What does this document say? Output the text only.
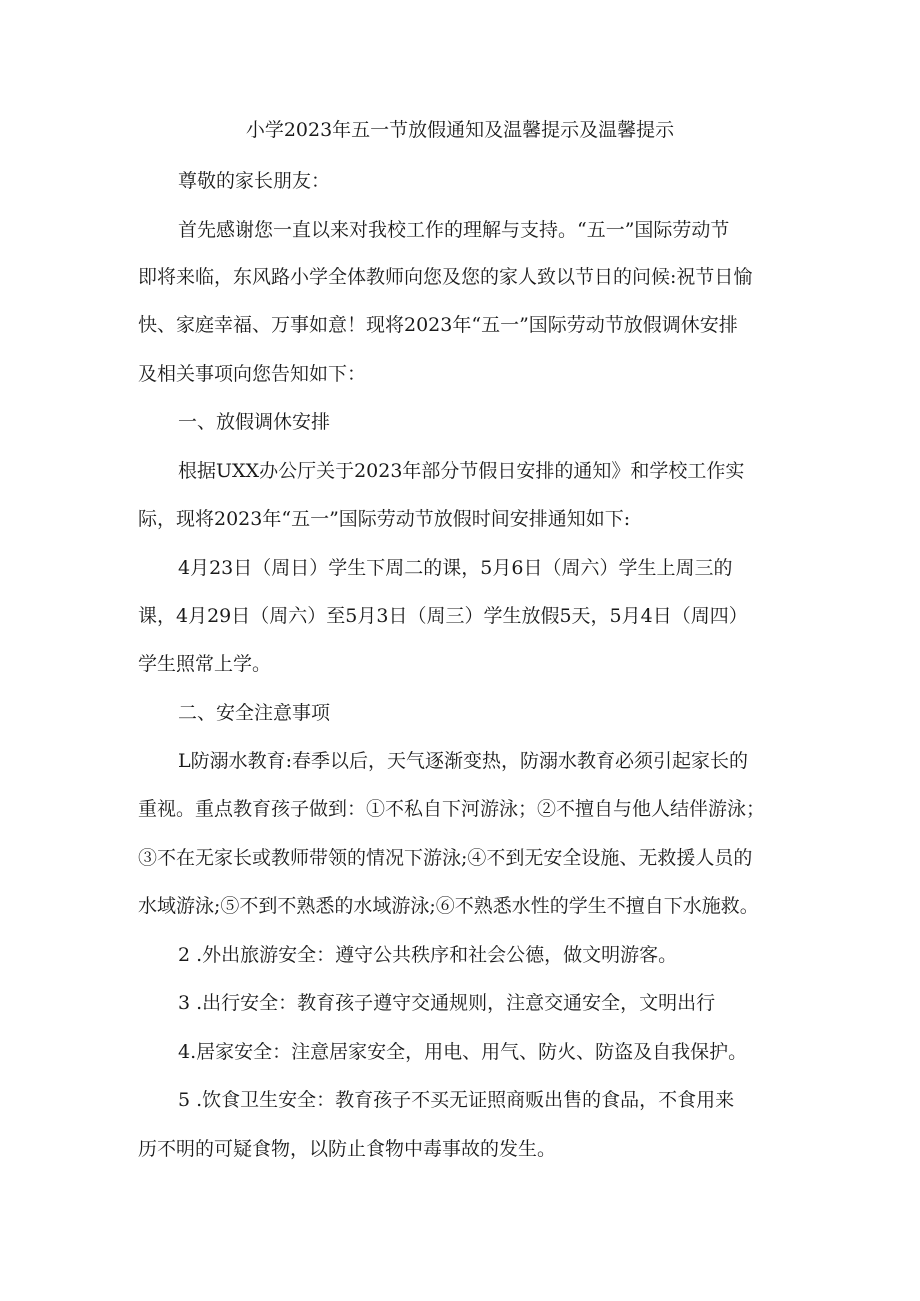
小学2023年五一节放假通知及温馨提示及温馨提示
尊敬的家长朋友：
首先感谢您一直以来对我校工作的理解与支持。“五一”国际劳动节
即将来临，东风路小学全体教师向您及您的家人致以节日的问候:祝节日愉
快、家庭幸福、万事如意！现将2023年“五一”国际劳动节放假调休安排
及相关事项向您告知如下：
一、放假调休安排
根据UXX办公厅关于2023年部分节假日安排的通知》和学校工作实
际，现将2023年“五一”国际劳动节放假时间安排通知如下:
4月23日（周日）学生下周二的课，5月6日（周六）学生上周三的
课，4月29日（周六）至5月3日（周三）学生放假5天，5月4日（周四）
学生照常上学。
二、安全注意事项
L防溺水教育:春季以后，天气逐渐变热，防溺水教育必须引起家长的
重视。重点教育孩子做到：①不私自下河游泳；②不擅自与他人结伴游泳；
③不在无家长或教师带领的情况下游泳;④不到无安全设施、无救援人员的
水域游泳;⑤不到不熟悉的水域游泳;⑥不熟悉水性的学生不擅自下水施救。
2 .外出旅游安全：遵守公共秩序和社会公德，做文明游客。
3 .出行安全：教育孩子遵守交通规则，注意交通安全，文明出行
4.居家安全：注意居家安全，用电、用气、防火、防盗及自我保护。
5 .饮食卫生安全：教育孩子不买无证照商贩出售的食品，不食用来
历不明的可疑食物，以防止食物中毒事故的发生。
